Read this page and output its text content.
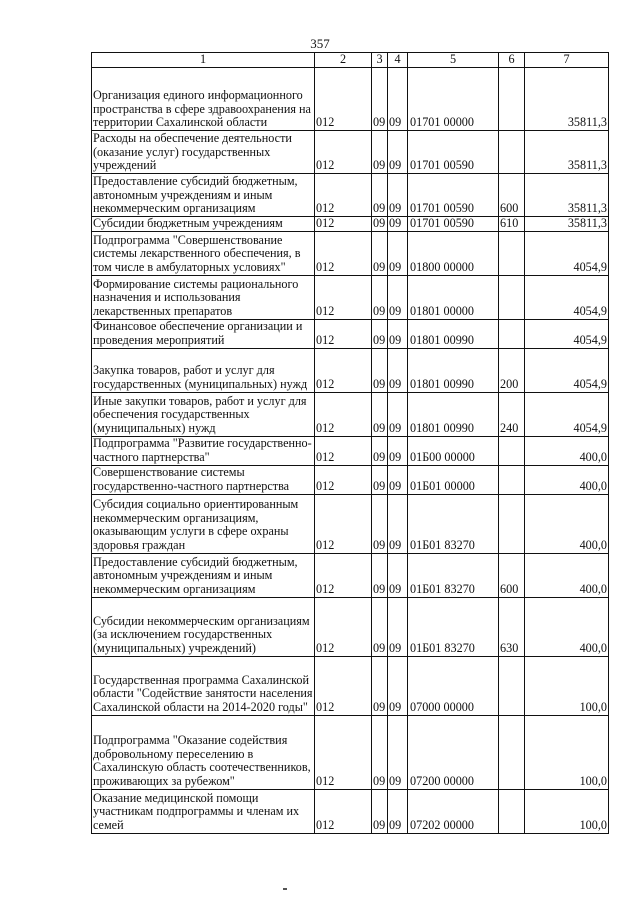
357
1	2	3	4	5	6	7
Организация единого информационного пространства в сфере здравоохранения на территории Сахалинской области	012	09	09	01701 00000		35811,3
Расходы на обеспечение деятельности (оказание услуг) государственных учреждений	012	09	09	01701 00590		35811,3
Предоставление субсидий бюджетным, автономным учреждениям и иным некоммерческим организациям	012	09	09	01701 00590	600	35811,3
Субсидии бюджетным учреждениям	012	09	09	01701 00590	610	35811,3
Подпрограмма "Совершенствование системы лекарственного обеспечения, в том числе в амбулаторных условиях"	012	09	09	01800 00000		4054,9
Формирование системы рационального назначения и использования лекарственных препаратов	012	09	09	01801 00000		4054,9
Финансовое обеспечение организации и проведения мероприятий	012	09	09	01801 00990		4054,9
Закупка товаров, работ и услуг для государственных (муниципальных) нужд	012	09	09	01801 00990	200	4054,9
Иные закупки товаров, работ и услуг для обеспечения государственных (муниципальных) нужд	012	09	09	01801 00990	240	4054,9
Подпрограмма "Развитие государственно-частного партнерства"	012	09	09	01Б00 00000		400,0
Совершенствование системы государственно-частного партнерства	012	09	09	01Б01 00000		400,0
Субсидия социально ориентированным некоммерческим организациям, оказывающим услуги в сфере охраны здоровья граждан	012	09	09	01Б01 83270		400,0
Предоставление субсидий бюджетным, автономным учреждениям и иным некоммерческим организациям	012	09	09	01Б01 83270	600	400,0
Субсидии некоммерческим организациям (за исключением государственных (муниципальных) учреждений)	012	09	09	01Б01 83270	630	400,0
Государственная программа Сахалинской области "Содействие занятости населения Сахалинской области на 2014-2020 годы"	012	09	09	07000 00000		100,0
Подпрограмма "Оказание содействия добровольному переселению в Сахалинскую область соотечественников, проживающих за рубежом"	012	09	09	07200 00000		100,0
Оказание медицинской помощи участникам подпрограммы и членам их семей	012	09	09	07202 00000		100,0
